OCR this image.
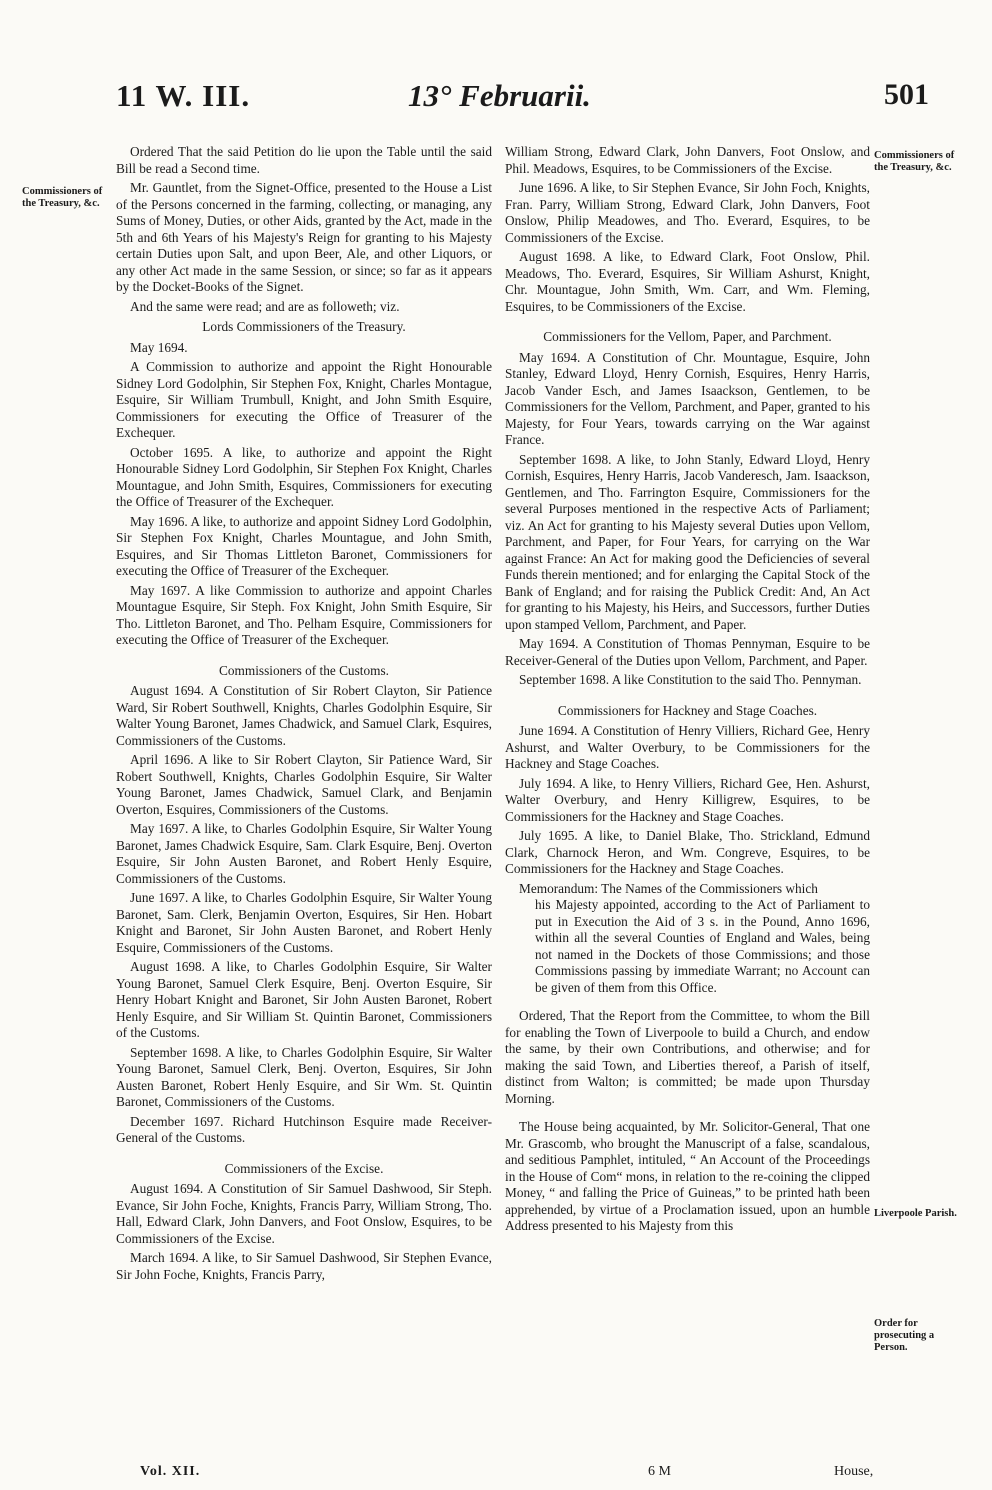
11 W. III.	13° Februarii.	501
Commissioners of the Treasury, &c.
Commissioners of the Treasury, &c.
Liverpoole Parish.
Order for prosecuting a Person.

Ordered That the said Petition do lie upon the Table until the said Bill be read a Second time.

Mr. Gauntlet, from the Signet-Office, presented to the House a List of the Persons concerned in the farming, collecting, or managing, any Sums of Money, Duties, or other Aids, granted by the Act, made in the 5th and 6th Years of his Majesty's Reign for granting to his Majesty certain Duties upon Salt, and upon Beer, Ale, and other Liquors, or any other Act made in the same Session, or since; so far as it appears by the Docket-Books of the Signet.

And the same were read; and are as followeth; viz.

Lords Commissioners of the Treasury.

May 1694.

A Commission to authorize and appoint the Right Honourable Sidney Lord Godolphin, Sir Stephen Fox, Knight, Charles Montague, Esquire, Sir William Trumbull, Knight, and John Smith Esquire, Commissioners for executing the Office of Treasurer of the Exchequer.

October 1695. A like, to authorize and appoint the Right Honourable Sidney Lord Godolphin, Sir Stephen Fox Knight, Charles Mountague, and John Smith, Esquires, Commissioners for executing the Office of Treasurer of the Exchequer.

May 1696. A like, to authorize and appoint Sidney Lord Godolphin, Sir Stephen Fox Knight, Charles Mountague, and John Smith, Esquires, and Sir Thomas Littleton Baronet, Commissioners for executing the Office of Treasurer of the Exchequer.

May 1697. A like Commission to authorize and appoint Charles Mountague Esquire, Sir Steph. Fox Knight, John Smith Esquire, Sir Tho. Littleton Baronet, and Tho. Pelham Esquire, Commissioners for executing the Office of Treasurer of the Exchequer.

Commissioners of the Customs.

August 1694. A Constitution of Sir Robert Clayton, Sir Patience Ward, Sir Robert Southwell, Knights, Charles Godolphin Esquire, Sir Walter Young Baronet, James Chadwick, and Samuel Clark, Esquires, Commissioners of the Customs.

April 1696. A like to Sir Robert Clayton, Sir Patience Ward, Sir Robert Southwell, Knights, Charles Godolphin Esquire, Sir Walter Young Baronet, James Chadwick, Samuel Clark, and Benjamin Overton, Esquires, Commissioners of the Customs.

May 1697. A like, to Charles Godolphin Esquire, Sir Walter Young Baronet, James Chadwick Esquire, Sam. Clark Esquire, Benj. Overton Esquire, Sir John Austen Baronet, and Robert Henly Esquire, Commissioners of the Customs.

June 1697. A like, to Charles Godolphin Esquire, Sir Walter Young Baronet, Sam. Clerk, Benjamin Overton, Esquires, Sir Hen. Hobart Knight and Baronet, Sir John Austen Baronet, and Robert Henly Esquire, Commissioners of the Customs.

August 1698. A like, to Charles Godolphin Esquire, Sir Walter Young Baronet, Samuel Clerk Esquire, Benj. Overton Esquire, Sir Henry Hobart Knight and Baronet, Sir John Austen Baronet, Robert Henly Esquire, and Sir William St. Quintin Baronet, Commissioners of the Customs.

September 1698. A like, to Charles Godolphin Esquire, Sir Walter Young Baronet, Samuel Clerk, Benj. Overton, Esquires, Sir John Austen Baronet, Robert Henly Esquire, and Sir Wm. St. Quintin Baronet, Commissioners of the Customs.

December 1697. Richard Hutchinson Esquire made Receiver-General of the Customs.

Commissioners of the Excise.

August 1694. A Constitution of Sir Samuel Dashwood, Sir Steph. Evance, Sir John Foche, Knights, Francis Parry, William Strong, Tho. Hall, Edward Clark, John Danvers, and Foot Onslow, Esquires, to be Commissioners of the Excise.

March 1694. A like, to Sir Samuel Dashwood, Sir Stephen Evance, Sir John Foche, Knights, Francis Parry,

William Strong, Edward Clark, John Danvers, Foot Onslow, and Phil. Meadows, Esquires, to be Commissioners of the Excise.

June 1696. A like, to Sir Stephen Evance, Sir John Foch, Knights, Fran. Parry, William Strong, Edward Clark, John Danvers, Foot Onslow, Philip Meadowes, and Tho. Everard, Esquires, to be Commissioners of the Excise.

August 1698. A like, to Edward Clark, Foot Onslow, Phil. Meadows, Tho. Everard, Esquires, Sir William Ashurst, Knight, Chr. Mountague, John Smith, Wm. Carr, and Wm. Fleming, Esquires, to be Commissioners of the Excise.

Commissioners for the Vellom, Paper, and Parchment.

May 1694. A Constitution of Chr. Mountague, Esquire, John Stanley, Edward Lloyd, Henry Cornish, Esquires, Henry Harris, Jacob Vander Esch, and James Isaackson, Gentlemen, to be Commissioners for the Vellom, Parchment, and Paper, granted to his Majesty, for Four Years, towards carrying on the War against France.

September 1698. A like, to John Stanly, Edward Lloyd, Henry Cornish, Esquires, Henry Harris, Jacob Vanderesch, Jam. Isaackson, Gentlemen, and Tho. Farrington Esquire, Commissioners for the several Purposes mentioned in the respective Acts of Parliament; viz. An Act for granting to his Majesty several Duties upon Vellom, Parchment, and Paper, for Four Years, for carrying on the War against France: An Act for making good the Deficiencies of several Funds therein mentioned; and for enlarging the Capital Stock of the Bank of England; and for raising the Publick Credit: And, An Act for granting to his Majesty, his Heirs, and Successors, further Duties upon stamped Vellom, Parchment, and Paper.

May 1694. A Constitution of Thomas Pennyman, Esquire to be Receiver-General of the Duties upon Vellom, Parchment, and Paper.

September 1698. A like Constitution to the said Tho. Pennyman.

Commissioners for Hackney and Stage Coaches.

June 1694. A Constitution of Henry Villiers, Richard Gee, Henry Ashurst, and Walter Overbury, to be Commissioners for the Hackney and Stage Coaches.

July 1694. A like, to Henry Villiers, Richard Gee, Hen. Ashurst, Walter Overbury, and Henry Killigrew, Esquires, to be Commissioners for the Hackney and Stage Coaches.

July 1695. A like, to Daniel Blake, Tho. Strickland, Edmund Clark, Charnock Heron, and Wm. Congreve, Esquires, to be Commissioners for the Hackney and Stage Coaches.

Memorandum: The Names of the Commissioners which

his Majesty appointed, according to the Act of Parliament to put in Execution the Aid of 3 s. in the Pound, Anno 1696, within all the several Counties of England and Wales, being not named in the Dockets of those Commissions; and those Commissions passing by immediate Warrant; no Account can be given of them from this Office.

Ordered, That the Report from the Committee, to whom the Bill for enabling the Town of Liverpoole to build a Church, and endow the same, by their own Contributions, and otherwise; and for making the said Town, and Liberties thereof, a Parish of itself, distinct from Walton; is committed; be made upon Thursday Morning.

The House being acquainted, by Mr. Solicitor-General, That one Mr. Grascomb, who brought the Manuscript of a false, scandalous, and seditious Pamphlet, intituled, “ An Account of the Proceedings in the House of Com“ mons, in relation to the re-coining the clipped Money, “ and falling the Price of Guineas,” to be printed hath been apprehended, by virtue of a Proclamation issued, upon an humble Address presented to his Majesty from this

Vol. XII.	6 M	House,
